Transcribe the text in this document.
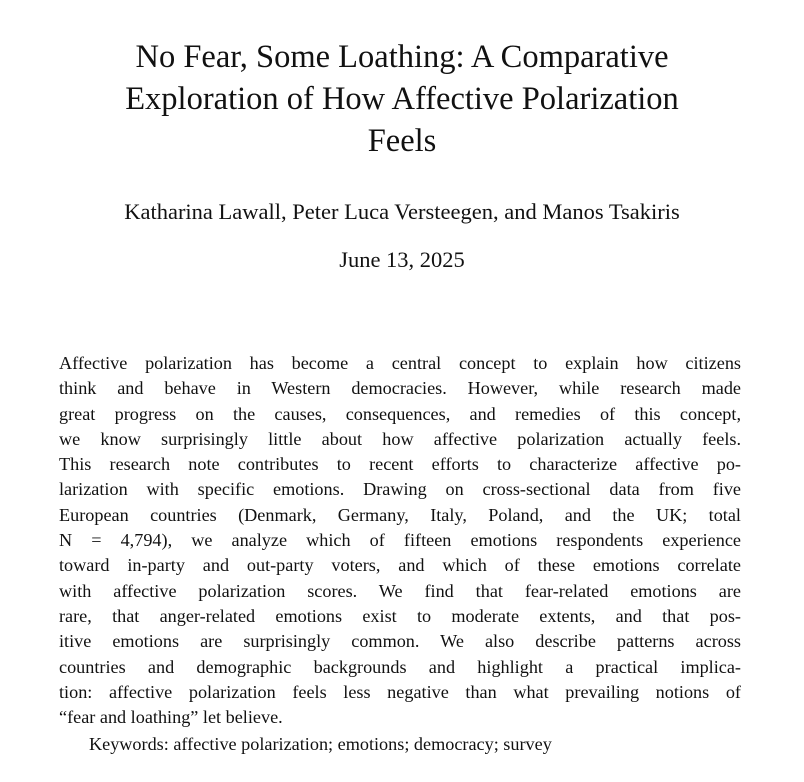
No Fear, Some Loathing: A Comparative
Exploration of How Affective Polarization
Feels
Katharina Lawall, Peter Luca Versteegen, and Manos Tsakiris
June 13, 2025
Affective polarization has become a central concept to explain how citizens
think and behave in Western democracies. However, while research made
great progress on the causes, consequences, and remedies of this concept,
we know surprisingly little about how affective polarization actually feels.
This research note contributes to recent efforts to characterize affective po-
larization with specific emotions. Drawing on cross-sectional data from five
European countries (Denmark, Germany, Italy, Poland, and the UK; total
N = 4,794), we analyze which of fifteen emotions respondents experience
toward in-party and out-party voters, and which of these emotions correlate
with affective polarization scores. We find that fear-related emotions are
rare, that anger-related emotions exist to moderate extents, and that pos-
itive emotions are surprisingly common. We also describe patterns across
countries and demographic backgrounds and highlight a practical implica-
tion: affective polarization feels less negative than what prevailing notions of
“fear and loathing” let believe.
Keywords: affective polarization; emotions; democracy; survey
